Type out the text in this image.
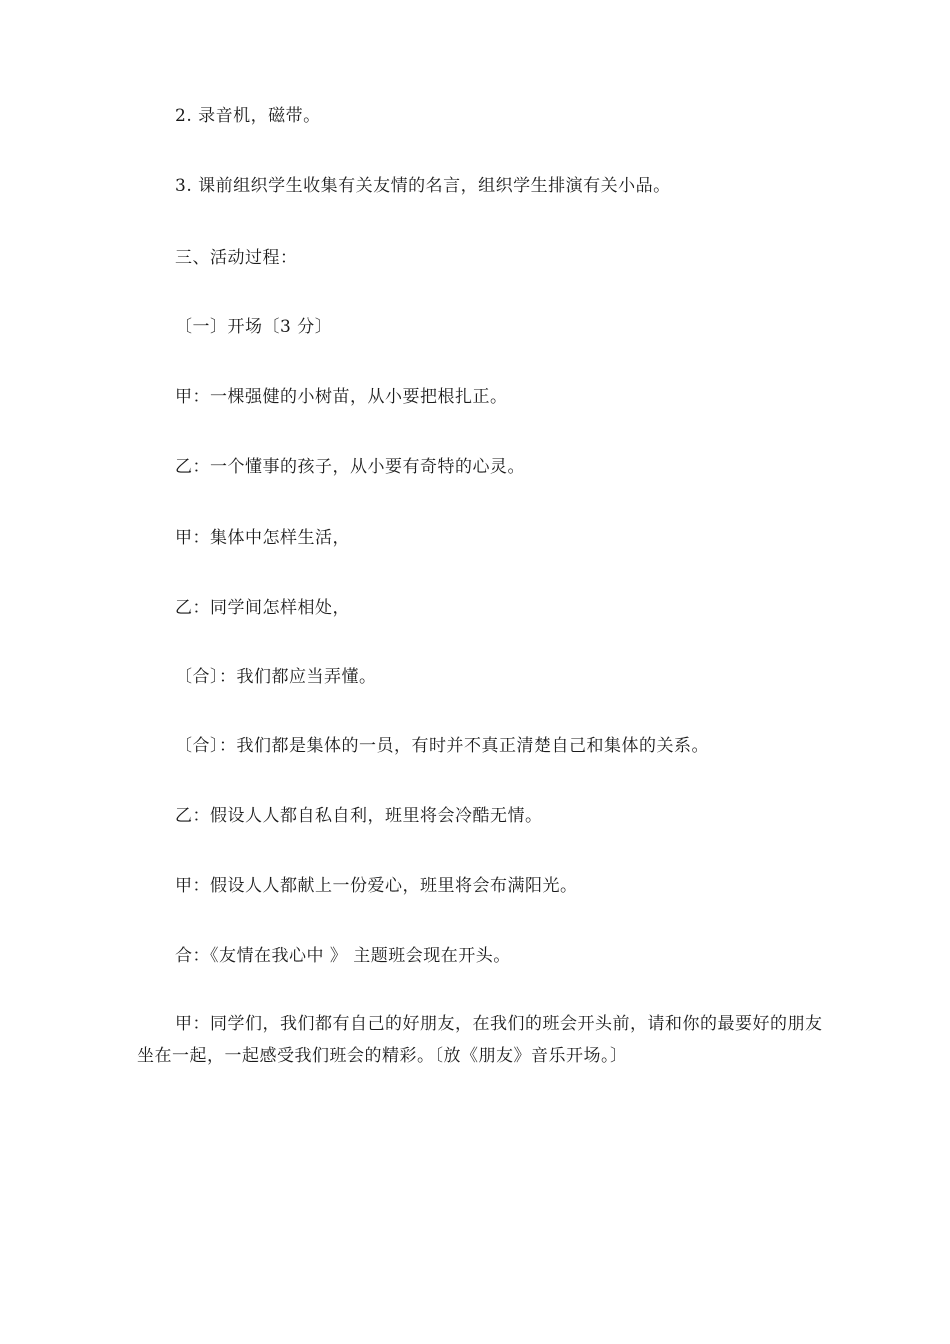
2. 录音机，磁带。
3. 课前组织学生收集有关友情的名言，组织学生排演有关小品。
三、活动过程：
〔一〕开场〔3 分〕
甲：一棵强健的小树苗，从小要把根扎正。
乙：一个懂事的孩子，从小要有奇特的心灵。
甲：集体中怎样生活，
乙：同学间怎样相处，
〔合〕：我们都应当弄懂。
〔合〕：我们都是集体的一员，有时并不真正清楚自己和集体的关系。
乙：假设人人都自私自利，班里将会冷酷无情。
甲：假设人人都献上一份爱心，班里将会布满阳光。
合：《友情在我心中 》 主题班会现在开头。
甲：同学们，我们都有自己的好朋友，在我们的班会开头前，请和你的最要好的朋友
坐在一起，一起感受我们班会的精彩。〔放《朋友》音乐开场。〕
